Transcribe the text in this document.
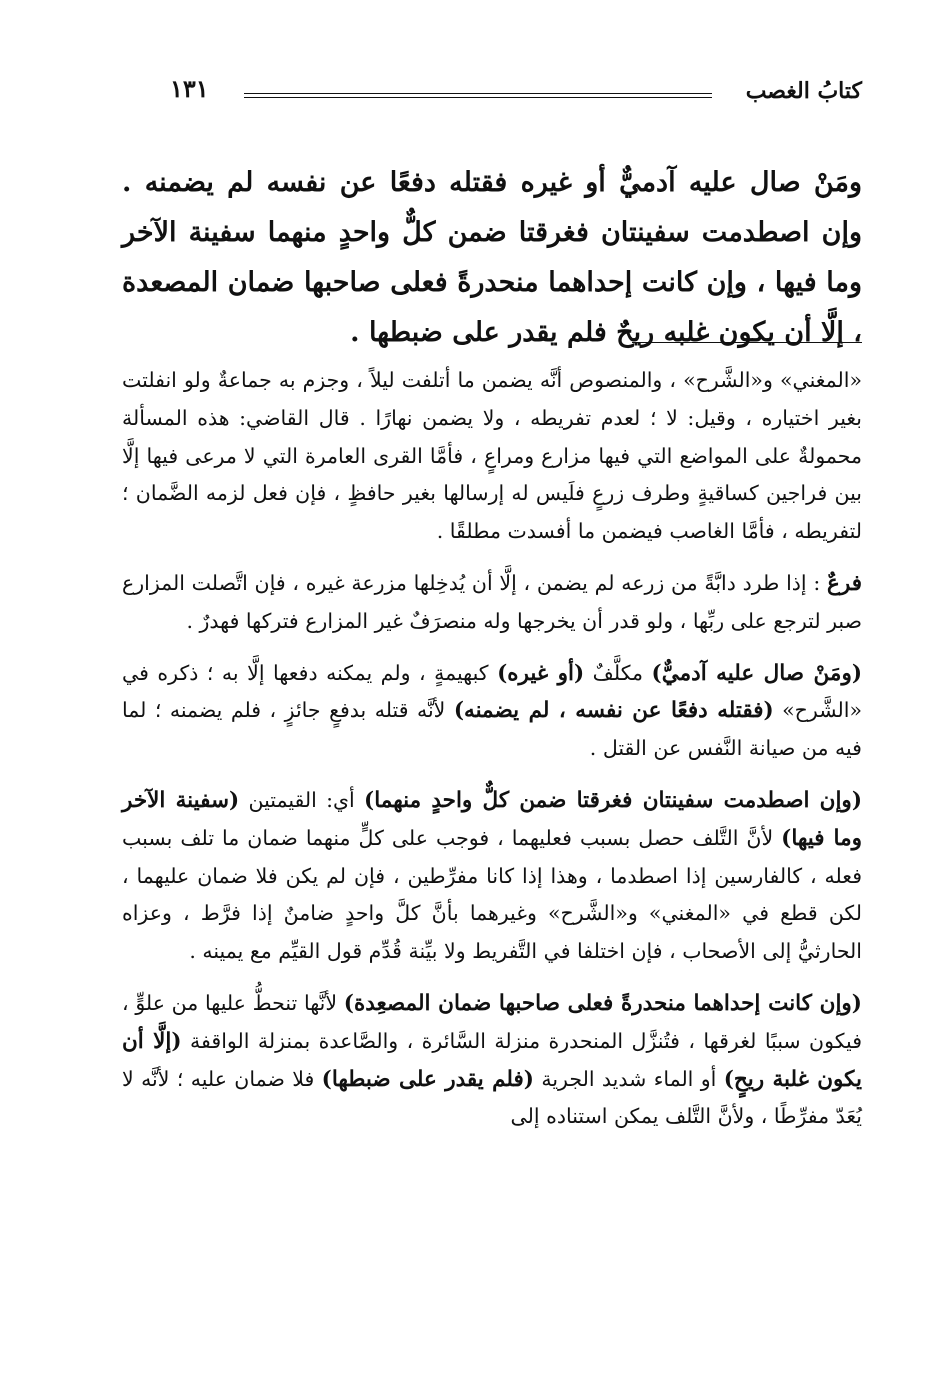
كتابُ الغصب
١٣١
ومَنْ صال عليه آدميٌّ أو غيره فقتله دفعًا عن نفسه لم يضمنه . وإن اصطدمت سفينتان فغرقتا ضمن كلٌّ واحدٍ منهما سفينة الآخر وما فيها ، وإن كانت إحداهما منحدرةً فعلى صاحبها ضمان المصعدة ، إلَّا أن يكون غلبه ريحٌ فلم يقدر على ضبطها .

«المغني» و«الشَّرح» ، والمنصوص أنَّه يضمن ما أتلفت ليلاً ، وجزم به جماعةٌ ولو انفلتت بغير اختياره ، وقيل: لا ؛ لعدم تفريطه ، ولا يضمن نهارًا . قال القاضي: هذه المسألة محمولةٌ على المواضع التي فيها مزارع ومراعٍ ، فأمَّا القرى العامرة التي لا مرعى فيها إلَّا بين فراجين كساقيةٍ وطرف زرعٍ فلَيس له إرسالها بغير حافظٍ ، فإن فعل لزمه الضَّمان ؛ لتفريطه ، فأمَّا الغاصب فيضمن ما أفسدت مطلقًا .

فرعٌ : إذا طرد دابَّةً من زرعه لم يضمن ، إلَّا أن يُدخِلها مزرعة غيره ، فإن اتَّصلت المزارع صبر لترجع على ربِّها ، ولو قدر أن يخرجها وله منصرَفٌ غير المزارع فتركها فهدرٌ .

(ومَنْ صال عليه آدميٌّ) مكلَّفٌ (أو غيره) كبهيمةٍ ، ولم يمكنه دفعها إلَّا به ؛ ذكره في «الشَّرح» (فقتله دفعًا عن نفسه ، لم يضمنه) لأنَّه قتله بدفعٍ جائزٍ ، فلم يضمنه ؛ لما فيه من صيانة النَّفس عن القتل .

(وإن اصطدمت سفينتان فغرقتا ضمن كلٌّ واحدٍ منهما) أي: القيمتين (سفينة الآخر وما فيها) لأنَّ التَّلف حصل بسبب فعليهما ، فوجب على كلٍّ منهما ضمان ما تلف بسبب فعله ، كالفارسين إذا اصطدما ، وهذا إذا كانا مفرِّطين ، فإن لم يكن فلا ضمان عليهما ، لكن قطع في «المغني» و«الشَّرح» وغيرهما بأنَّ كلَّ واحدٍ ضامنٌ إذا فرَّط ، وعزاه الحارثيُّ إلى الأصحاب ، فإن اختلفا في التَّفريط ولا بيِّنة قُدِّم قول القيِّم مع يمينه .

(وإن كانت إحداهما منحدرةً فعلى صاحبها ضمان المصعِدة) لأنَّها تنحطُّ عليها من علوٍّ ، فيكون سببًا لغرقها ، فتُنزَّل المنحدرة منزلة السَّائرة ، والصَّاعدة بمنزلة الواقفة (إلَّا أن يكون غلبة ريحٍ) أو الماء شديد الجرية (فلم يقدر على ضبطها) فلا ضمان عليه ؛ لأنَّه لا يُعَدّ مفرِّطًا ، ولأنَّ التَّلف يمكن استناده إلى
